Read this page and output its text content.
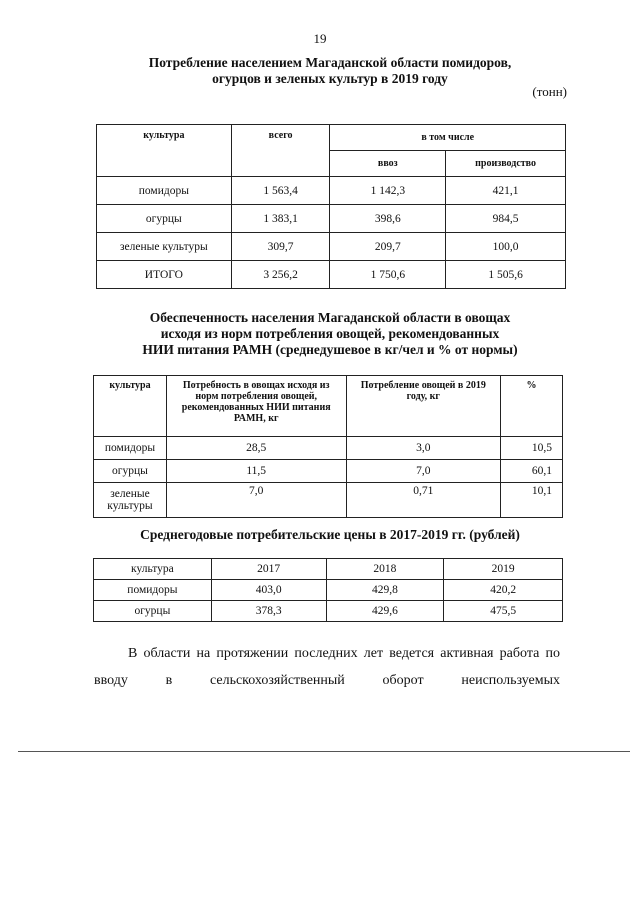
19
Потребление населением Магаданской области помидоров,
огурцов и зеленых культур в 2019 году
(тонн)
культура	всего	в том числе	
		ввоз	производство
помидоры	1 563,4	1 142,3	421,1
огурцы	1 383,1	398,6	984,5
зеленые культуры	309,7	209,7	100,0
ИТОГО	3 256,2	1 750,6	1 505,6
Обеспеченность населения Магаданской области в овощах
исходя из норм потребления овощей, рекомендованных
НИИ питания РАМН (среднедушевое в кг/чел и % от нормы)
культура	Потребность в овощах исходя из норм потребления овощей, рекомендованных НИИ питания РАМН, кг	Потребление овощей в 2019 году, кг	%
помидоры	28,5	3,0	10,5
огурцы	11,5	7,0	60,1
зеленые культуры	7,0	0,71	10,1
Среднегодовые потребительские цены в 2017-2019 гг. (рублей)
культура	2017	2018	2019
помидоры	403,0	429,8	420,2
огурцы	378,3	429,6	475,5

В области на протяжении последних лет ведется активная работа по вводу в сельскохозяйственный оборот неиспользуемых
